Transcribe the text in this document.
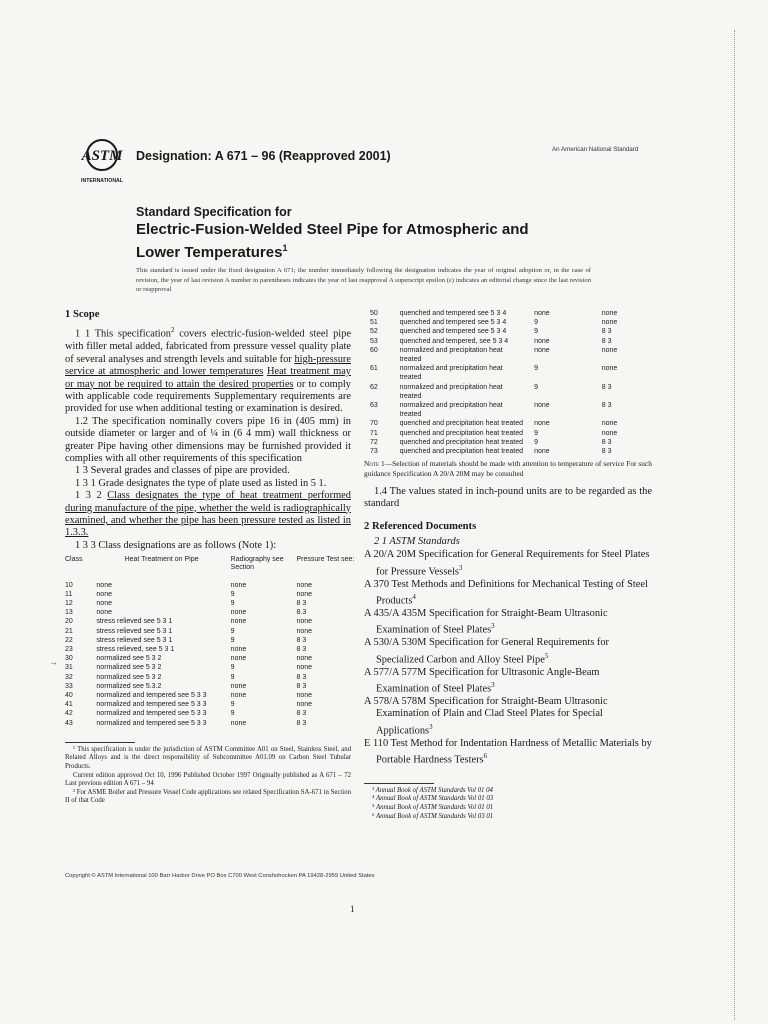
ASTM
INTERNATIONAL
Designation: A 671 – 96 (Reapproved 2001)	An American National Standard
Standard Specification for
Electric-Fusion-Welded Steel Pipe for Atmospheric and
Lower Temperatures$^1$
This standard is issued under the fixed designation A 671; the number immediately following the designation indicates the year of original adoption or, in the case of revision, the year of last revision A number in parentheses indicates the year of last reapproval A superscript epsilon (ε) indicates an editorial change since the last revision or reapproval
→
1 Scope

1 1 This specification$^2$ covers electric-fusion-welded steel pipe with filler metal added, fabricated from pressure vessel quality plate of several analyses and strength levels and suitable for high-pressure service at atmospheric and lower temperatures Heat treatment may or may not be required to attain the desired properties or to comply with applicable code requirements Supplementary requirements are provided for use when additional testing or examination is desired.

1.2 The specification nominally covers pipe 16 in (405 mm) in outside diameter or larger and of ¼ in (6 4 mm) wall thickness or greater Pipe having other dimensions may be furnished provided it complies with all other requirements of this specification

1 3 Several grades and classes of pipe are provided.

1 3 1 Grade designates the type of plate used as listed in 5 1.

1 3 2 Class designates the type of heat treatment performed during manufacture of the pipe, whether the weld is radiographically examined, and whether the pipe has been pressure tested as listed in 1.3.3.

1 3 3 Class designations are as follows (Note 1):

Class	Heat Treatment on Pipe	Radiography see Section	Pressure Test see:

10	none	none	none
11	none	9	none
12	none	9	8 3
13	none	none	8.3
20	stress relieved see 5 3 1	none	none
21	stress relieved see 5 3 1	9	none
22	stress relieved see 5 3 1	9	8 3
23	stress relieved, see 5 3 1	none	8 3
30	normalized see 5 3 2	none	none
31	normalized see 5 3 2	9	none
32	normalized see 5 3 2	9	8 3
33	normalized see 5.3.2	none	8 3
40	normalized and tempered see 5 3 3	none	none
41	normalized and tempered see 5 3 3	9	none
42	normalized and tempered see 5 3 3	9	8 3
43	normalized and tempered see 5 3 3	none	8 3

¹ This specification is under the jurisdiction of ASTM Committee A01 on Steel, Stainless Steel, and Related Alloys and is the direct responsibility of Subcommittee A01.09 on Carbon Steel Tubular Products.

Current edition approved Oct 10, 1996 Published October 1997 Originally published as A 671 – 72 Last previous edition A 671 – 94

² For ASME Boiler and Pressure Vessel Code applications see related Specification SA-671 in Section II of that Code

50	quenched and tempered see 5 3 4	none	none
51	quenched and tempered see 5 3 4	9	none
52	quenched and tempered see 5 3 4	9	8 3
53	quenched and tempered, see 5 3 4	none	8 3
60	normalized and precipitation heat treated	none	none
61	normalized and precipitation heat treated	9	none
62	normalized and precipitation heat treated	9	8 3
63	normalized and precipitation heat treated	none	8 3
70	quenched and precipitation heat treated	none	none
71	quenched and precipitation heat treated	9	none
72	quenched and precipitation heat treated	9	8 3
73	quenched and precipitation heat treated	none	8 3

Note 1—Selection of materials should be made with attention to temperature of service For such guidance Specification A 20/A 20M may be consulted

1.4 The values stated in inch-pound units are to be regarded as the standard

2 Referenced Documents
2 1 ASTM Standards

A 20/A 20M Specification for General Requirements for Steel Plates for Pressure Vessels$^3$

A 370 Test Methods and Definitions for Mechanical Testing of Steel Products$^4$

A 435/A 435M Specification for Straight-Beam Ultrasonic Examination of Steel Plates$^3$

A 530/A 530M Specification for General Requirements for Specialized Carbon and Alloy Steel Pipe$^5$

A 577/A 577M Specification for Ultrasonic Angle-Beam Examination of Steel Plates$^3$

A 578/A 578M Specification for Straight-Beam Ultrasonic Examination of Plain and Clad Steel Plates for Special Applications$^3$

E 110 Test Method for Indentation Hardness of Metallic Materials by Portable Hardness Testers$^6$

³ Annual Book of ASTM Standards Vol 01 04

⁴ Annual Book of ASTM Standards Vol 01 03

⁵ Annual Book of ASTM Standards Vol 01 01

⁶ Annual Book of ASTM Standards Vol 03 01

Copyright © ASTM International 100 Barr Harbor Drive PO Box C700 West Conshohocken PA 19428-2959 United States
1
